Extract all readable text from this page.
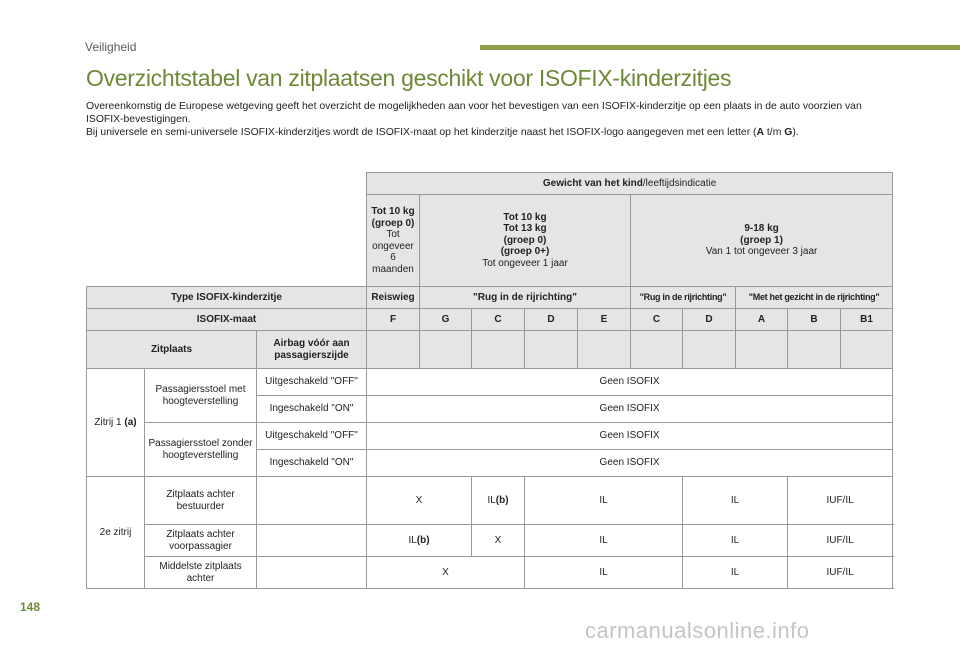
Veiligheid
Overzichtstabel van zitplaatsen geschikt voor ISOFIX-kinderzitjes

Overeenkomstig de Europese wetgeving geeft het overzicht de mogelijkheden aan voor het bevestigen van een ISOFIX-kinderzitje op een plaats in de auto voorzien van ISOFIX-bevestigingen.

Bij universele en semi-universele ISOFIX-kinderzitjes wordt de ISOFIX-maat op het kinderzitje naast het ISOFIX-logo aangegeven met een letter (A t/m G).

			Gewicht van het kind/leeftijdsindicatie									
			Tot 10 kg
(groep 0)
Tot ongeveer 6
maanden	Tot 10 kg
Tot 13 kg
(groep 0)
(groep 0+)
Tot ongeveer 1 jaar				9-18 kg
(groep 1)
Van 1 tot ongeveer 3 jaar				
Type ISOFIX-kinderzitje			Reiswieg	"Rug in de rijrichting"				"Rug in de rijrichting"		"Met het gezicht in de rijrichting"		
ISOFIX-maat			F	G	C	D	E	C	D	A	B	B1
Zitplaats		Airbag vóór aan passagierszijde										
Zitrij 1 (a)	Passagiersstoel met hoogteverstelling	Uitgeschakeld "OFF"	Geen ISOFIX									
		Ingeschakeld "ON"	Geen ISOFIX									
	Passagiersstoel zonder hoogteverstelling	Uitgeschakeld "OFF"	Geen ISOFIX									
		Ingeschakeld "ON"	Geen ISOFIX									
2e zitrij	Zitplaats achter bestuurder		X		IL(b)	IL			IL		IUF/IL	
	Zitplaats achter voorpassagier		IL(b)		X	IL			IL		IUF/IL	
	Middelste zitplaats achter		X			IL			IL		IUF/IL	
148
carmanualsonline.info
